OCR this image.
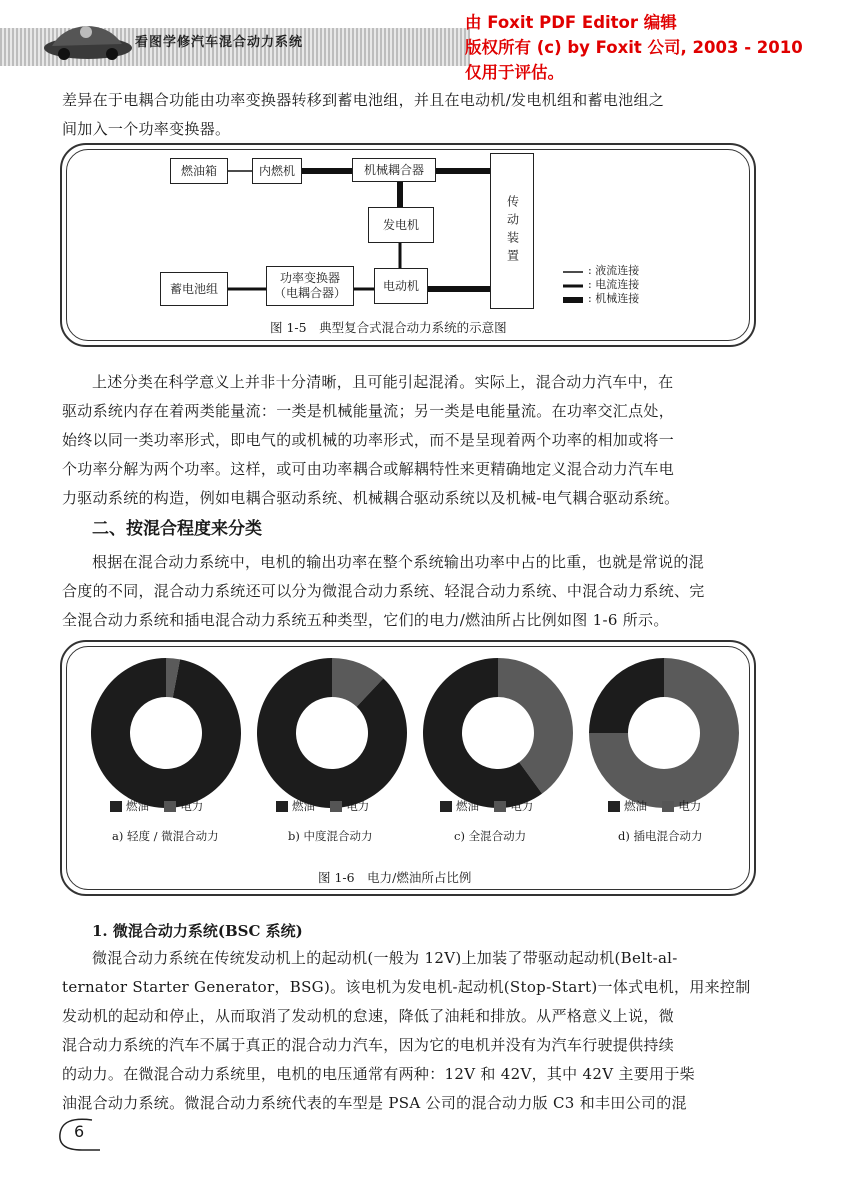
看图学修汽车混合动力系统
由 Foxit PDF Editor 编辑
版权所有 (c) by Foxit 公司, 2003 - 2010
仅用于评估。
差异在于电耦合功能由功率变换器转移到蓄电池组，并且在电动机/发电机组和蓄电池组之
间加入一个功率变换器。
燃油箱	内燃机	机械耦合器
发电机	传动装置
蓄电池组
功率变换器
（电耦合器）
电动机
: 液流连接
: 电流连接
: 机械连接
图 1-5　典型复合式混合动力系统的示意图
上述分类在科学意义上并非十分清晰，且可能引起混淆。实际上，混合动力汽车中，在
驱动系统内存在着两类能量流：一类是机械能量流；另一类是电能量流。在功率交汇点处，
始终以同一类功率形式，即电气的或机械的功率形式，而不是呈现着两个功率的相加或将一
个功率分解为两个功率。这样，或可由功率耦合或解耦特性来更精确地定义混合动力汽车电
力驱动系统的构造，例如电耦合驱动系统、机械耦合驱动系统以及机械-电气耦合驱动系统。
二、按混合程度来分类
根据在混合动力系统中，电机的输出功率在整个系统输出功率中占的比重，也就是常说的混
合度的不同，混合动力系统还可以分为微混合动力系统、轻混合动力系统、中混合动力系统、完
全混合动力系统和插电混合动力系统五种类型，它们的电力/燃油所占比例如图 1-6 所示。
燃油
	电力	燃油
	电力	燃油
	电力	燃油
	电力
a) 轻度 / 微混合动力	b) 中度混合动力	c) 全混合动力	d) 插电混合动力
图 1-6　电力/燃油所占比例
1. 微混合动力系统(BSC 系统)
微混合动力系统在传统发动机上的起动机(一般为 12V)上加装了带驱动起动机(Belt-al-
ternator Starter Generator，BSG)。该电机为发电机-起动机(Stop-Start)一体式电机，用来控制
发动机的起动和停止，从而取消了发动机的怠速，降低了油耗和排放。从严格意义上说，微
混合动力系统的汽车不属于真正的混合动力汽车，因为它的电机并没有为汽车行驶提供持续
的动力。在微混合动力系统里，电机的电压通常有两种：12V 和 42V，其中 42V 主要用于柴
油混合动力系统。微混合动力系统代表的车型是 PSA 公司的混合动力版 C3 和丰田公司的混
6
